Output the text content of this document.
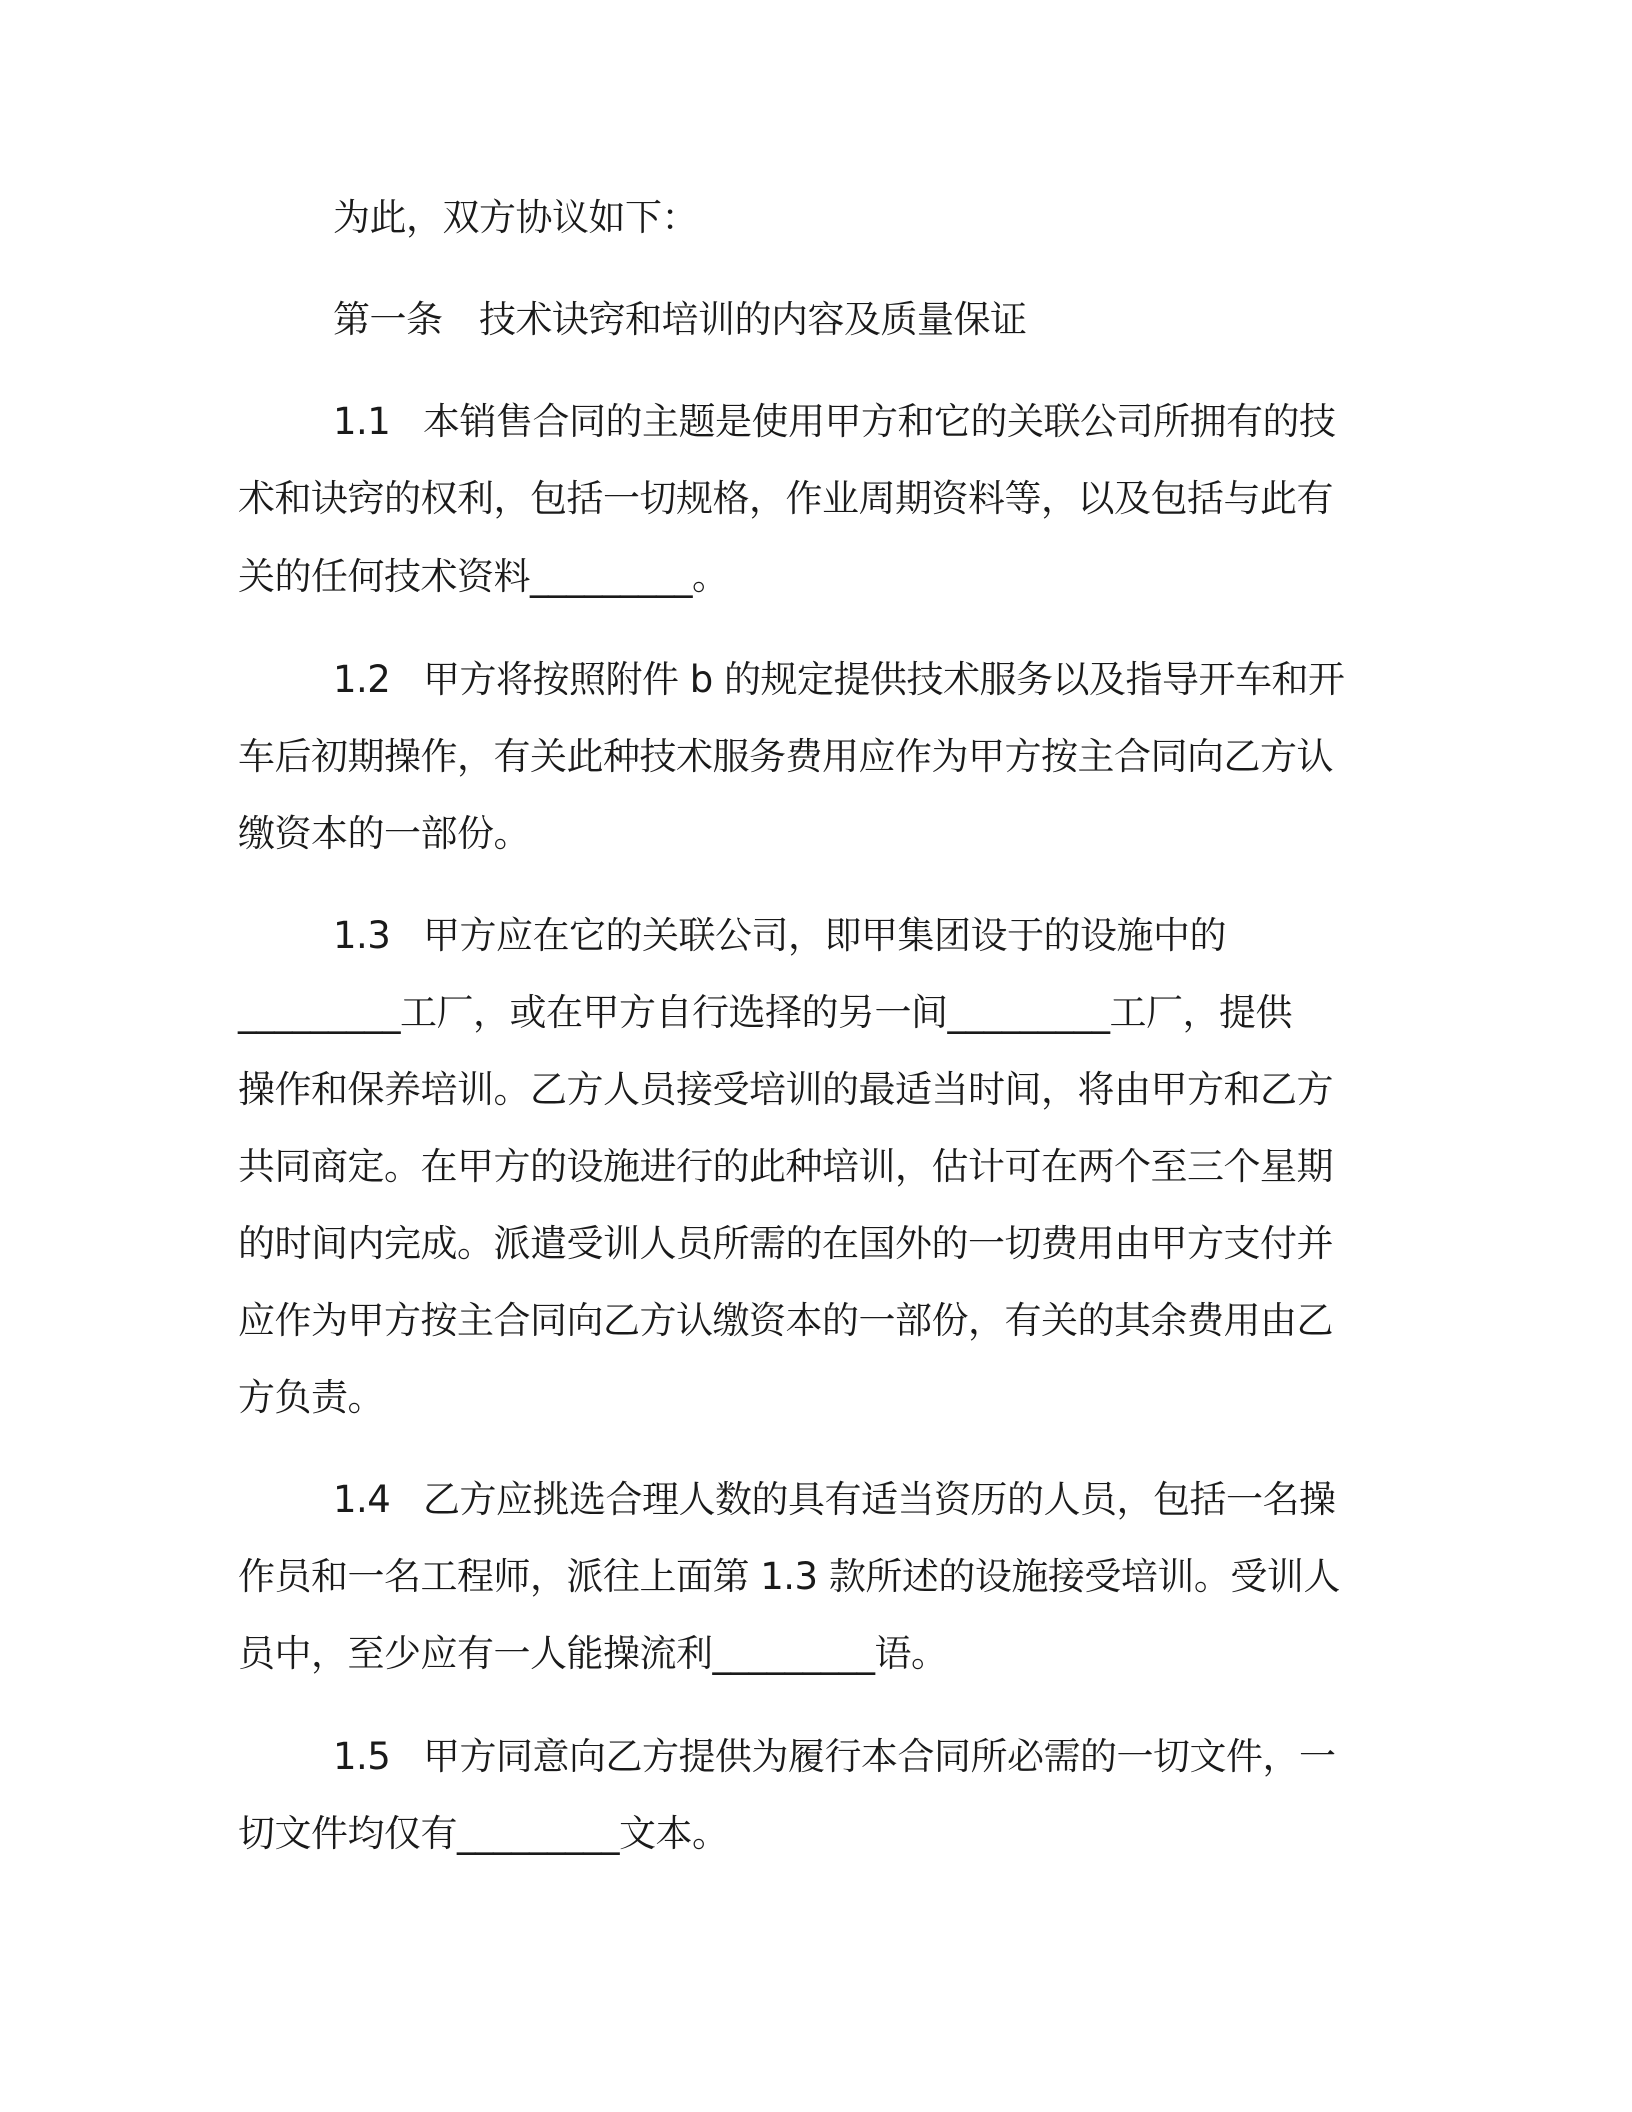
为此，双方协议如下：
第一条　技术诀窍和培训的内容及质量保证
1.1 本销售合同的主题是使用甲方和它的关联公司所拥有的技
术和诀窍的权利，包括一切规格，作业周期资料等，以及包括与此有
关的任何技术资料_________。
1.2 甲方将按照附件 b 的规定提供技术服务以及指导开车和开
车后初期操作，有关此种技术服务费用应作为甲方按主合同向乙方认
缴资本的一部份。
1.3 甲方应在它的关联公司，即甲集团设于的设施中的
_________工厂，或在甲方自行选择的另一间_________工厂，提供
操作和保养培训。乙方人员接受培训的最适当时间，将由甲方和乙方
共同商定。在甲方的设施进行的此种培训，估计可在两个至三个星期
的时间内完成。派遣受训人员所需的在国外的一切费用由甲方支付并
应作为甲方按主合同向乙方认缴资本的一部份，有关的其余费用由乙
方负责。
1.4 乙方应挑选合理人数的具有适当资历的人员，包括一名操
作员和一名工程师，派往上面第 1.3 款所述的设施接受培训。受训人
员中，至少应有一人能操流利_________语。
1.5 甲方同意向乙方提供为履行本合同所必需的一切文件，一
切文件均仅有_________文本。
